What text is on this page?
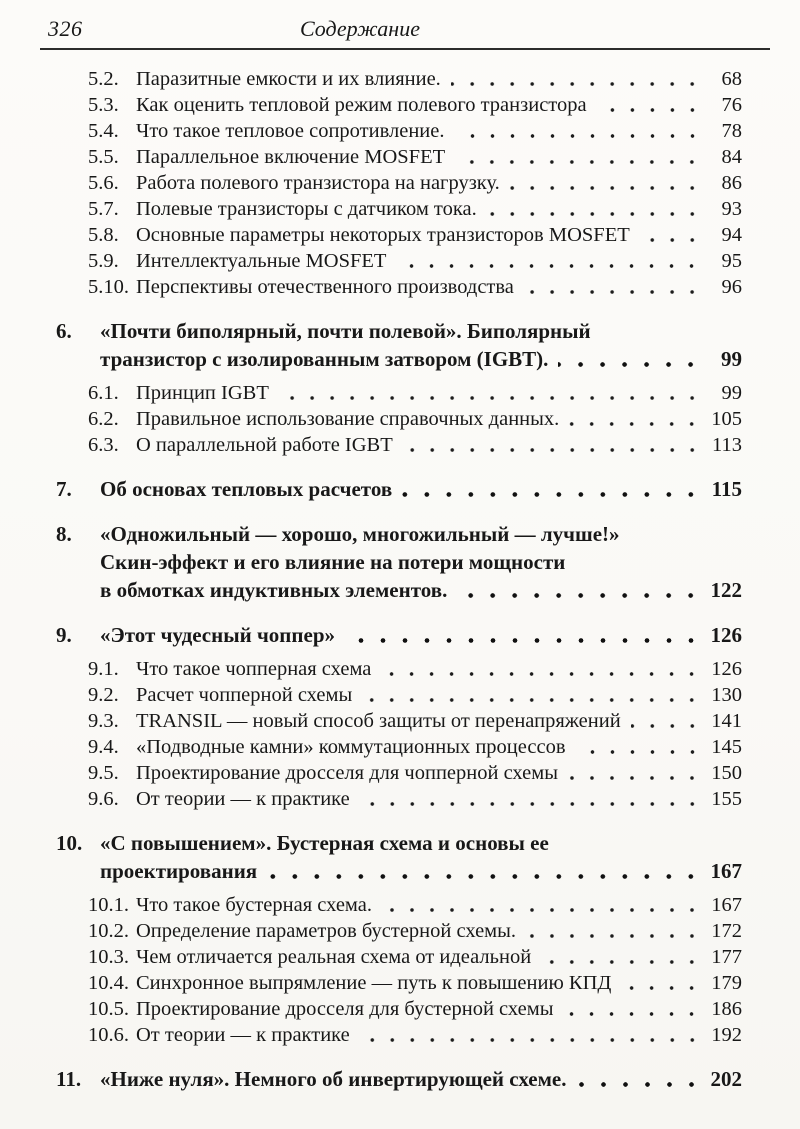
326	Содержание
5.2. Паразитные емкости и их влияние.	68
5.3. Как оценить тепловой режим полевого транзистора	76
5.4. Что такое тепловое сопротивление.	78
5.5. Параллельное включение MOSFET	84
5.6. Работа полевого транзистора на нагрузку.	86
5.7. Полевые транзисторы с датчиком тока.	93
5.8. Основные параметры некоторых транзисторов MOSFET	94
5.9. Интеллектуальные MOSFET	95
5.10. Перспективы отечественного производства	96
6.	«Почти биполярный, почти полевой». Биполярный
транзистор с изолированным затвором (IGBT).	99
6.1. Принцип IGBT	99
6.2. Правильное использование справочных данных.	105
6.3. О параллельной работе IGBT	113
7.	Об основах тепловых расчетов	115
8.	«Одножильный — хорошо, многожильный — лучше!»
Скин-эффект и его влияние на потери мощности
в обмотках индуктивных элементов.	122
9.	«Этот чудесный чоппер»	126
9.1. Что такое чопперная схема	126
9.2. Расчет чопперной схемы	130
9.3. TRANSIL — новый способ защиты от перенапряжений	141
9.4. «Подводные камни» коммутационных процессов	145
9.5. Проектирование дросселя для чопперной схемы	150
9.6. От теории — к практике	155
10. «С повышением». Бустерная схема и основы ее
проектирования	167
10.1. Что такое бустерная схема.	167
10.2. Определение параметров бустерной схемы.	172
10.3. Чем отличается реальная схема от идеальной	177
10.4. Синхронное выпрямление — путь к повышению КПД	179
10.5. Проектирование дросселя для бустерной схемы	186
10.6. От теории — к практике	192
11. «Ниже нуля». Немного об инвертирующей схеме.	202
